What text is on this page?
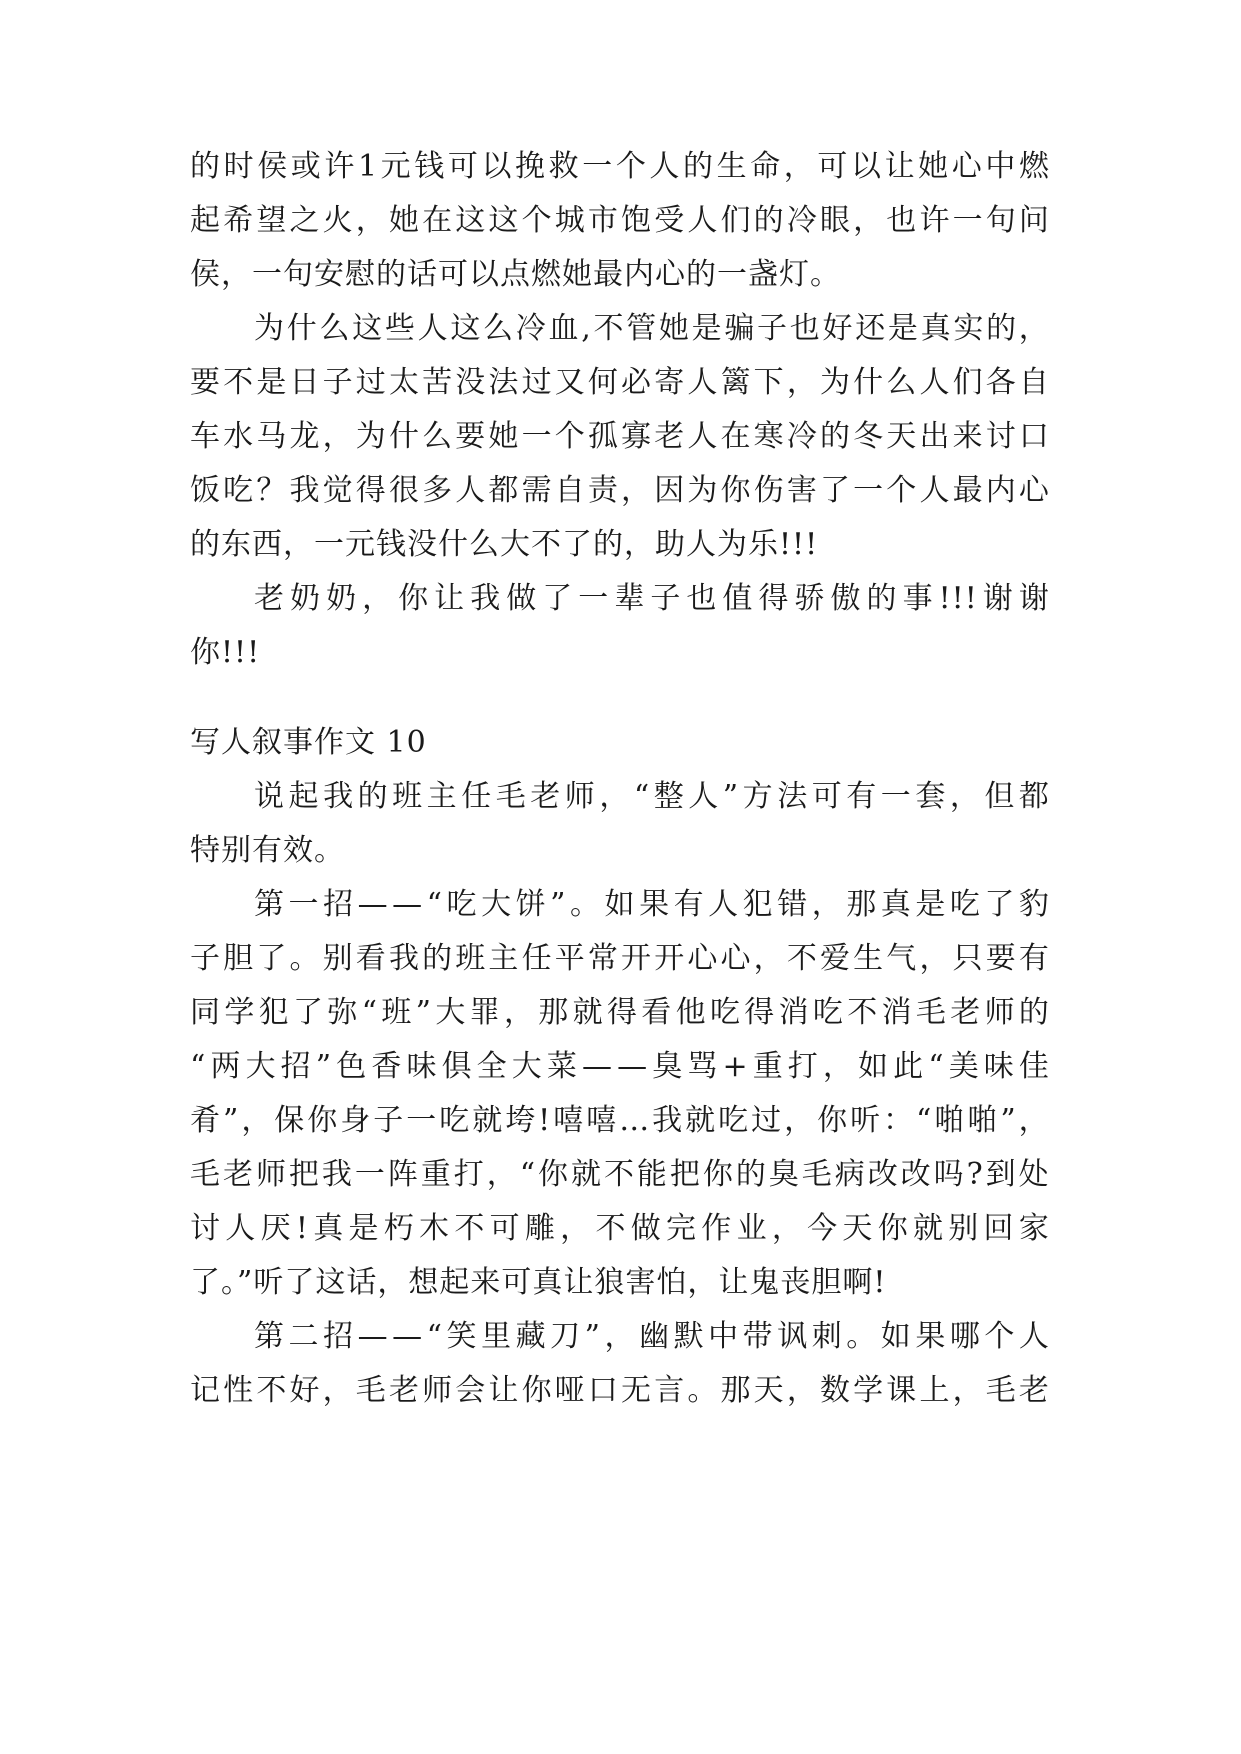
的 时 侯 或 许 1 元 钱 可 以 挽 救 一 个 人 的 生 命 ， 可 以 让 她 心 中 燃
起 希 望 之 火 ， 她 在 这 这 个 城 市 饱 受 人 们 的 冷 眼 ， 也 许 一 句 问
侯，一句安慰的话可以点燃她最内心的一盏灯。
为 什 么 这 些 人 这 么 冷 血 , 不 管 她 是 骗 子 也 好 还 是 真 实 的 ，
要 不 是 日 子 过 太 苦 没 法 过 又 何 必 寄 人 篱 下 ， 为 什 么 人 们 各 自
车 水 马 龙 ， 为 什 么 要 她 一 个 孤 寡 老 人 在 寒 冷 的 冬 天 出 来 讨 口
饭 吃 ？ 我 觉 得 很 多 人 都 需 自 责 ， 因 为 你 伤 害 了 一 个 人 最 内 心
的东西，一元钱没什么大不了的，助人为乐!!!
老 奶 奶 ， 你 让 我 做 了 一 辈 子 也 值 得 骄 傲 的 事 !!! 谢 谢
你!!!
写人叙事作文 10
说 起 我 的 班 主 任 毛 老 师 ， “ 整 人 ” 方 法 可 有 一 套 ， 但 都
特别有效。
第 一 招 — — “ 吃 大 饼 ” 。 如 果 有 人 犯 错 ， 那 真 是 吃 了 豹
子 胆 了 。 别 看 我 的 班 主 任 平 常 开 开 心 心 ， 不 爱 生 气 ， 只 要 有
同 学 犯 了 弥 “ 班 ” 大 罪 ， 那 就 得 看 他 吃 得 消 吃 不 消 毛 老 师 的
“ 两 大 招 ” 色 香 味 俱 全 大 菜 — — 臭 骂 + 重 打 ， 如 此 “ 美 味 佳
肴 ” ， 保 你 身 子 一 吃 就 垮 ! 嘻 嘻 … 我 就 吃 过 ， 你 听 ： “ 啪 啪 ” ，
毛 老 师 把 我 一 阵 重 打 ， “ 你 就 不 能 把 你 的 臭 毛 病 改 改 吗 ? 到 处
讨 人 厌 ! 真 是 朽 木 不 可 雕 ， 不 做 完 作 业 ， 今 天 你 就 别 回 家
了。”听了这话，想起来可真让狼害怕，让鬼丧胆啊!
第 二 招 — — “ 笑 里 藏 刀 ” ， 幽 默 中 带 讽 刺 。 如 果 哪 个 人
记 性 不 好 ， 毛 老 师 会 让 你 哑 口 无 言 。 那 天 ， 数 学 课 上 ， 毛 老
